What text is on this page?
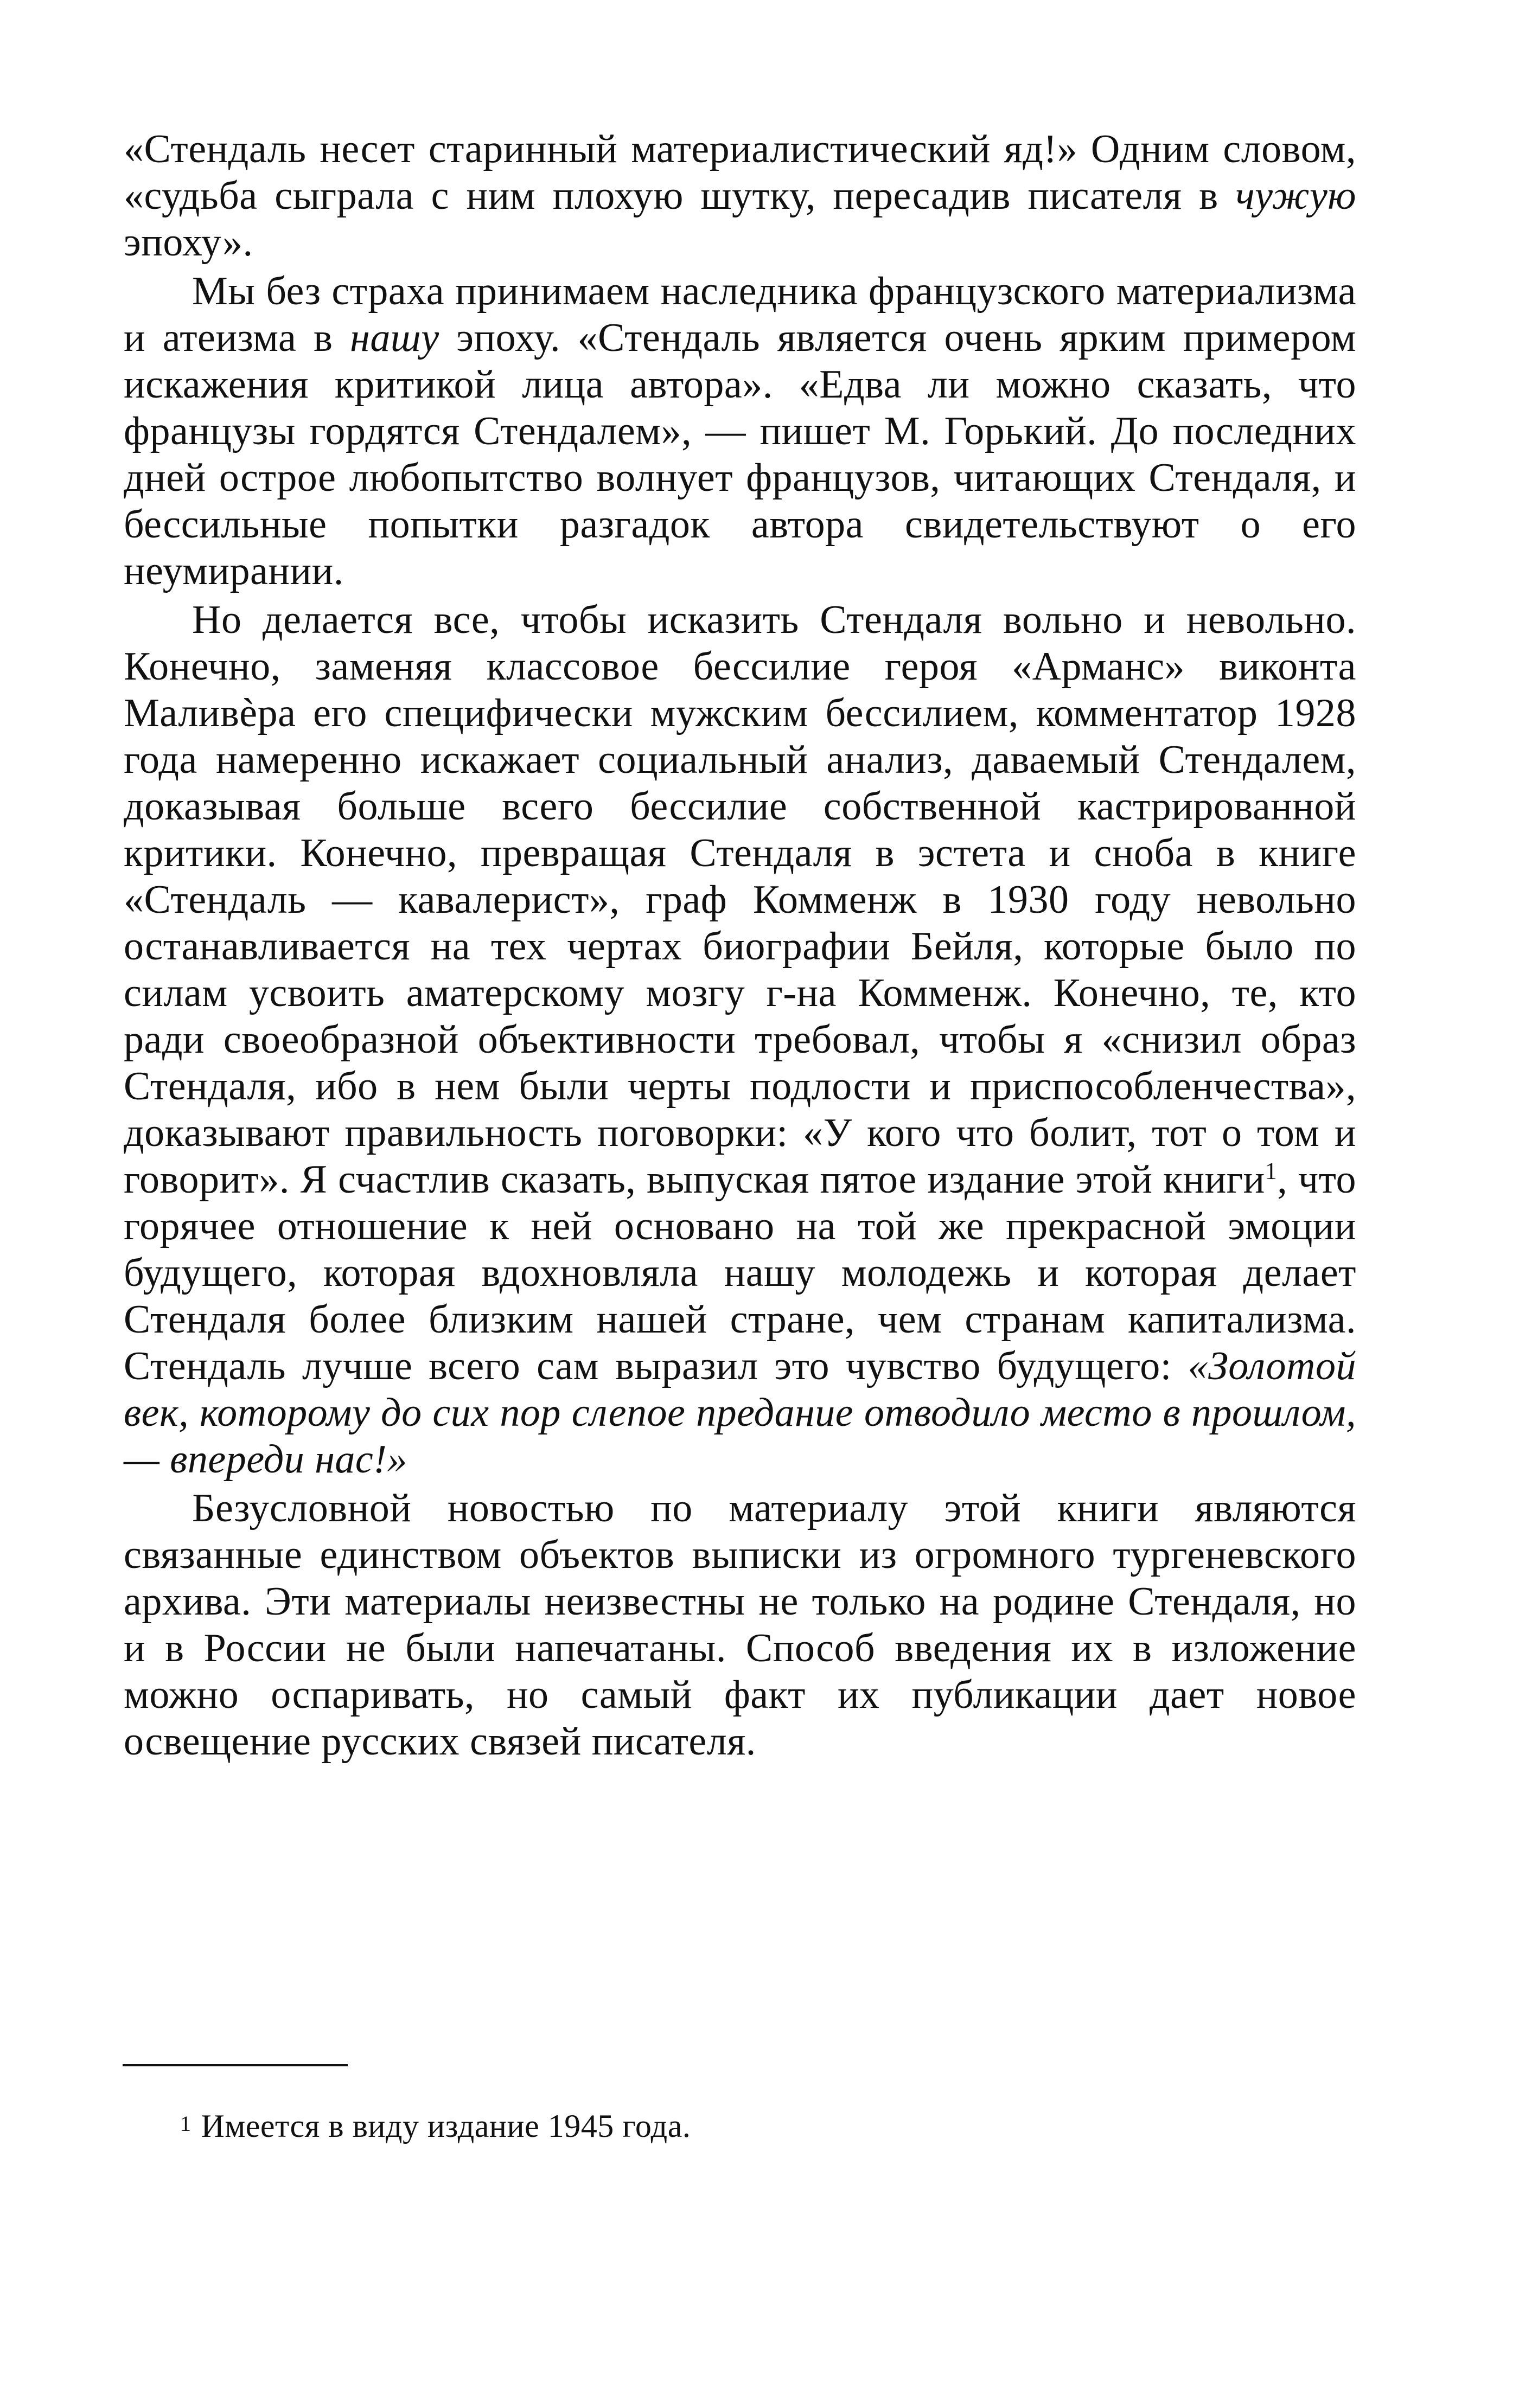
«Стендаль несет старинный материалистический яд!» Одним словом, «судьба сыграла с ним плохую шутку, пересадив писателя в чужую эпоху».

Мы без страха принимаем наследника французского материализма и атеизма в нашу эпоху. «Стендаль является очень ярким примером искажения критикой лица автора». «Едва ли можно сказать, что французы гордятся Стендалем», — пишет М. Горький. До последних дней острое любопытство волнует французов, читающих Стендаля, и бессильные попытки разгадок автора свидетельствуют о его неумирании.

Но делается все, чтобы исказить Стендаля вольно и невольно. Конечно, заменяя классовое бессилие героя «Арманс» виконта Маливѐра его специфически мужским бессилием, комментатор 1928 года намеренно искажает социальный анализ, даваемый Стендалем, доказывая больше всего бессилие собственной кастрированной критики. Конечно, превращая Стендаля в эстета и сноба в книге «Стендаль — кавалерист», граф Комменж в 1930 году невольно останавливается на тех чертах биографии Бейля, которые было по силам усвоить аматерскому мозгу г-на Комменж. Конечно, те, кто ради своеобразной объективности требовал, чтобы я «снизил образ Стендаля, ибо в нем были черты подлости и приспособленчества», доказывают правильность поговорки: «У кого что болит, тот о том и говорит». Я счастлив сказать, выпуская пятое издание этой книги$^1$, что горячее отношение к ней основано на той же прекрасной эмоции будущего, которая вдохновляла нашу молодежь и которая делает Стендаля более близким нашей стране, чем странам капитализма. Стендаль лучше всего сам выразил это чувство будущего: «Золотой век, которому до сих пор слепое предание отводило место в прошлом, — впереди нас!»

Безусловной новостью по материалу этой книги являются связанные единством объектов выписки из огромного тургеневского архива. Эти материалы неизвестны не только на родине Стендаля, но и в России не были напечатаны. Способ введения их в изложение можно оспаривать, но самый факт их публикации дает новое освещение русских связей писателя.

$^1$ Имеется в виду издание 1945 года.
